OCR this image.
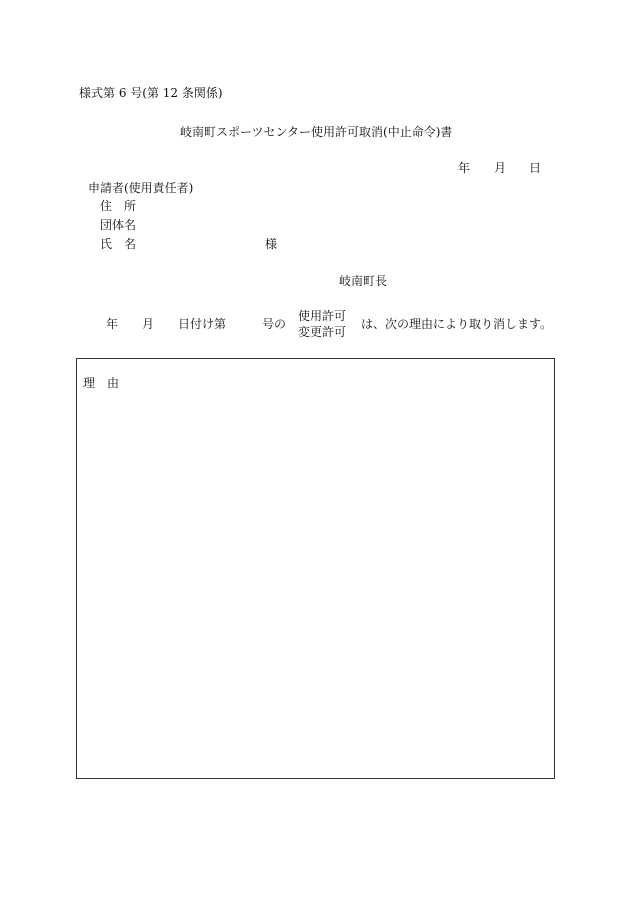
様式第 6 号(第 12 条関係)
岐南町スポーツセンター使用許可取消(中止命令)書
年 月 日
申請者(使用責任者)
住　所
団体名
氏　名	様
岐南町長
年 月 日付け第	号の
使用許可
変更許可
は、次の理由により取り消します。
理　由
